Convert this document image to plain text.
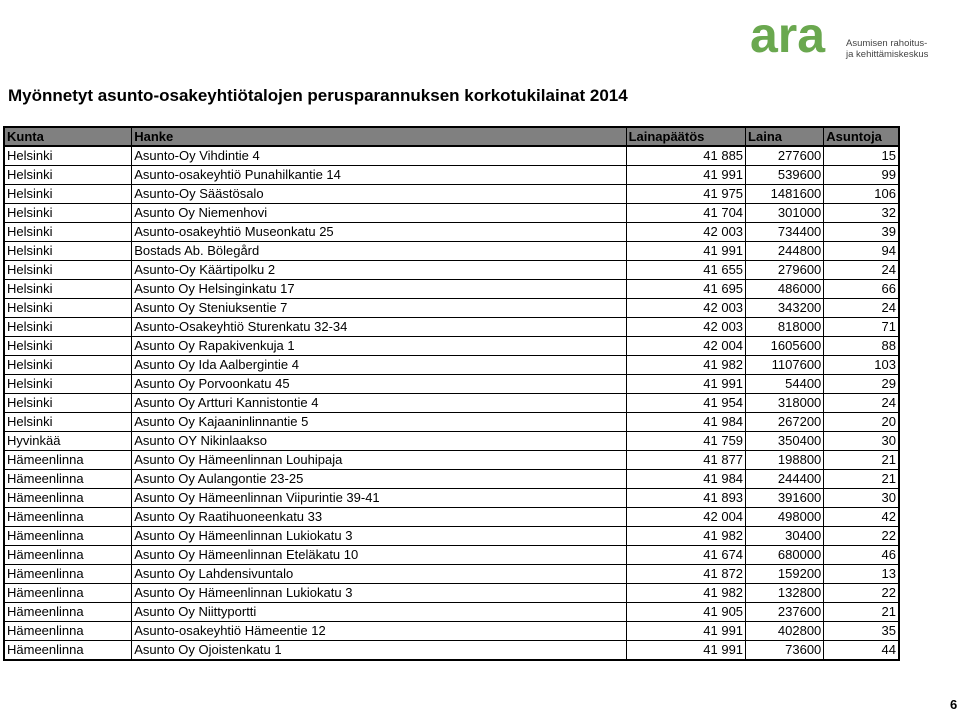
ara Asumisen rahoitus-
ja kehittämiskeskus
Myönnetyt asunto-osakeyhtiötalojen perusparannuksen korkotukilainat 2014
Kunta	Hanke	Lainapäätös	Laina	Asuntoja
Helsinki	Asunto-Oy Vihdintie 4	41 885	277600	15
Helsinki	Asunto-osakeyhtiö Punahilkantie 14	41 991	539600	99
Helsinki	Asunto-Oy Säästösalo	41 975	1481600	106
Helsinki	Asunto Oy Niemenhovi	41 704	301000	32
Helsinki	Asunto-osakeyhtiö Museonkatu 25	42 003	734400	39
Helsinki	Bostads Ab. Bölegård	41 991	244800	94
Helsinki	Asunto-Oy Käärtipolku 2	41 655	279600	24
Helsinki	Asunto Oy Helsinginkatu 17	41 695	486000	66
Helsinki	Asunto Oy Steniuksentie 7	42 003	343200	24
Helsinki	Asunto-Osakeyhtiö Sturenkatu 32-34	42 003	818000	71
Helsinki	Asunto Oy Rapakivenkuja 1	42 004	1605600	88
Helsinki	Asunto Oy Ida Aalbergintie 4	41 982	1107600	103
Helsinki	Asunto Oy Porvoonkatu 45	41 991	54400	29
Helsinki	Asunto Oy Artturi Kannistontie 4	41 954	318000	24
Helsinki	Asunto Oy Kajaaninlinnantie 5	41 984	267200	20
Hyvinkää	Asunto OY Nikinlaakso	41 759	350400	30
Hämeenlinna	Asunto Oy Hämeenlinnan Louhipaja	41 877	198800	21
Hämeenlinna	Asunto Oy Aulangontie 23-25	41 984	244400	21
Hämeenlinna	Asunto Oy Hämeenlinnan Viipurintie 39-41	41 893	391600	30
Hämeenlinna	Asunto Oy Raatihuoneenkatu 33	42 004	498000	42
Hämeenlinna	Asunto Oy Hämeenlinnan Lukiokatu 3	41 982	30400	22
Hämeenlinna	Asunto Oy Hämeenlinnan Eteläkatu 10	41 674	680000	46
Hämeenlinna	Asunto Oy Lahdensivuntalo	41 872	159200	13
Hämeenlinna	Asunto Oy Hämeenlinnan Lukiokatu 3	41 982	132800	22
Hämeenlinna	Asunto Oy Niittyportti	41 905	237600	21
Hämeenlinna	Asunto-osakeyhtiö Hämeentie 12	41 991	402800	35
Hämeenlinna	Asunto Oy Ojoistenkatu 1	41 991	73600	44
6
